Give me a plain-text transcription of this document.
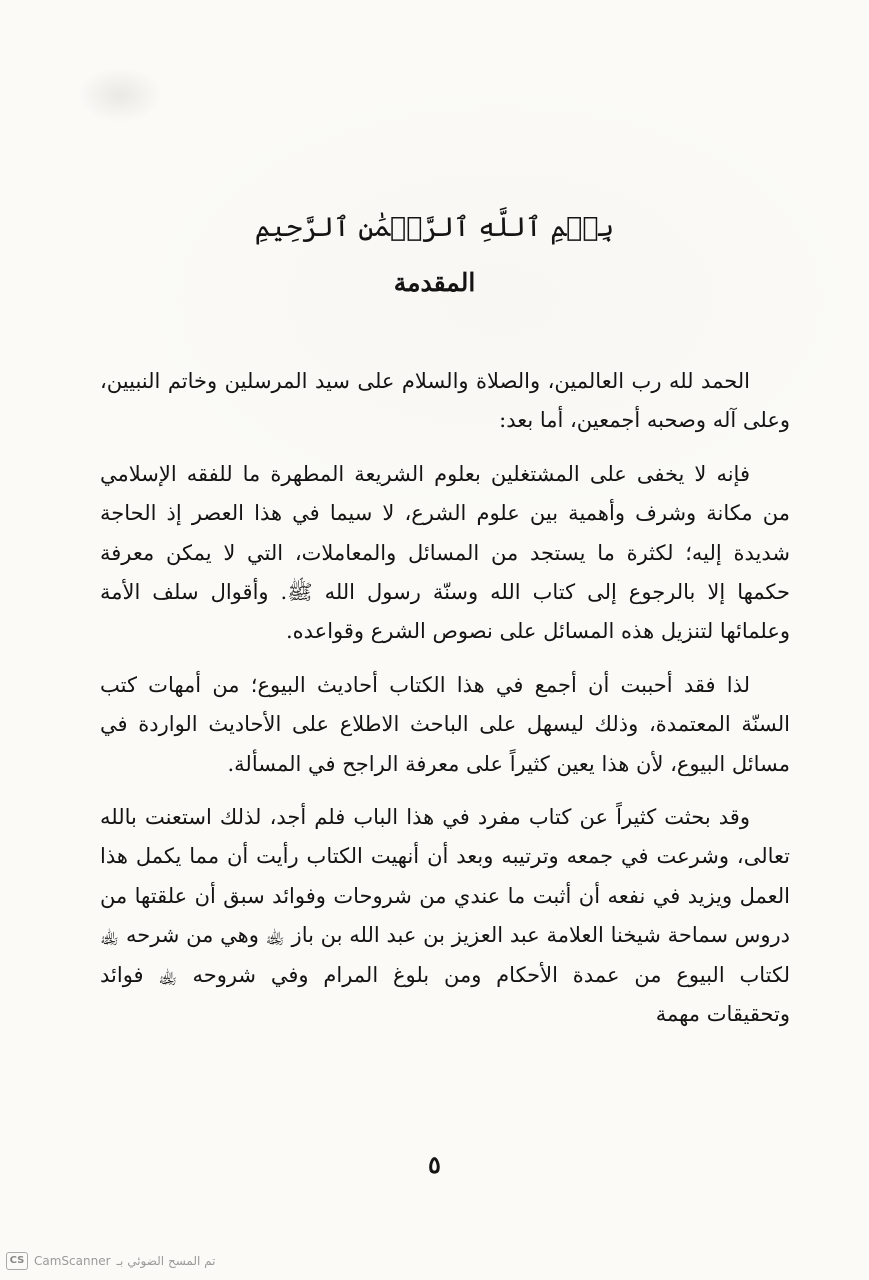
بِسۡمِ ٱللَّهِ ٱلرَّحۡمَٰنِ ٱلرَّحِيمِ
المقدمة

الحمد لله رب العالمين، والصلاة والسلام على سيد المرسلين وخاتم النبيين، وعلى آله وصحبه أجمعين، أما بعد:

فإنه لا يخفى على المشتغلين بعلوم الشريعة المطهرة ما للفقه الإسلامي من مكانة وشرف وأهمية بين علوم الشرع، لا سيما في هذا العصر إذ الحاجة شديدة إليه؛ لكثرة ما يستجد من المسائل والمعاملات، التي لا يمكن معرفة حكمها إلا بالرجوع إلى كتاب الله وسنّة رسول الله ﷺ. وأقوال سلف الأمة وعلمائها لتنزيل هذه المسائل على نصوص الشرع وقواعده.

لذا فقد أحببت أن أجمع في هذا الكتاب أحاديث البيوع؛ من أمهات كتب السنّة المعتمدة، وذلك ليسهل على الباحث الاطلاع على الأحاديث الواردة في مسائل البيوع، لأن هذا يعين كثيراً على معرفة الراجح في المسألة.

وقد بحثت كثيراً عن كتاب مفرد في هذا الباب فلم أجد، لذلك استعنت بالله تعالى، وشرعت في جمعه وترتيبه وبعد أن أنهيت الكتاب رأيت أن مما يكمل هذا العمل ويزيد في نفعه أن أثبت ما عندي من شروحات وفوائد سبق أن علقتها من دروس سماحة شيخنا العلامة عبد العزيز بن عبد الله بن باز ﵀ وهي من شرحه ﵀ لكتاب البيوع من عمدة الأحكام ومن بلوغ المرام وفي شروحه ﵀ فوائد وتحقيقات مهمة

٥
CS CamScanner تم المسح الضوئي بـ
